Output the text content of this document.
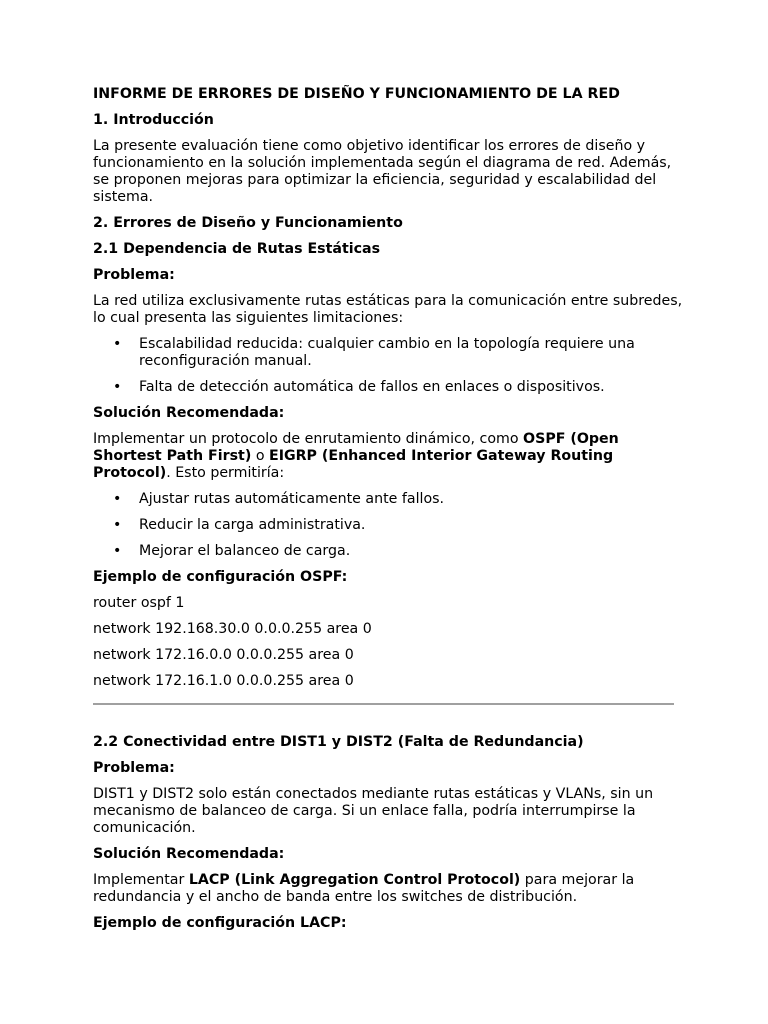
INFORME DE ERRORES DE DISEÑO Y FUNCIONAMIENTO DE LA RED
1. Introducción

La presente evaluación tiene como objetivo identificar los errores de diseño y funcionamiento en la solución implementada según el diagrama de red. Además, se proponen mejoras para optimizar la eficiencia, seguridad y escalabilidad del sistema.

2. Errores de Diseño y Funcionamiento
2.1 Dependencia de Rutas Estáticas
Problema:

La red utiliza exclusivamente rutas estáticas para la comunicación entre subredes, lo cual presenta las siguientes limitaciones:

• Escalabilidad reducida: cualquier cambio en la topología requiere una reconfiguración manual.
• Falta de detección automática de fallos en enlaces o dispositivos.
Solución Recomendada:

Implementar un protocolo de enrutamiento dinámico, como OSPF (Open Shortest Path First) o EIGRP (Enhanced Interior Gateway Routing Protocol). Esto permitiría:

• Ajustar rutas automáticamente ante fallos.
• Reducir la carga administrativa.
• Mejorar el balanceo de carga.
Ejemplo de configuración OSPF:
router ospf 1
network 192.168.30.0 0.0.0.255 area 0
network 172.16.0.0 0.0.0.255 area 0
network 172.16.1.0 0.0.0.255 area 0
2.2 Conectividad entre DIST1 y DIST2 (Falta de Redundancia)
Problema:

DIST1 y DIST2 solo están conectados mediante rutas estáticas y VLANs, sin un mecanismo de balanceo de carga. Si un enlace falla, podría interrumpirse la comunicación.

Solución Recomendada:

Implementar LACP (Link Aggregation Control Protocol) para mejorar la redundancia y el ancho de banda entre los switches de distribución.

Ejemplo de configuración LACP:
